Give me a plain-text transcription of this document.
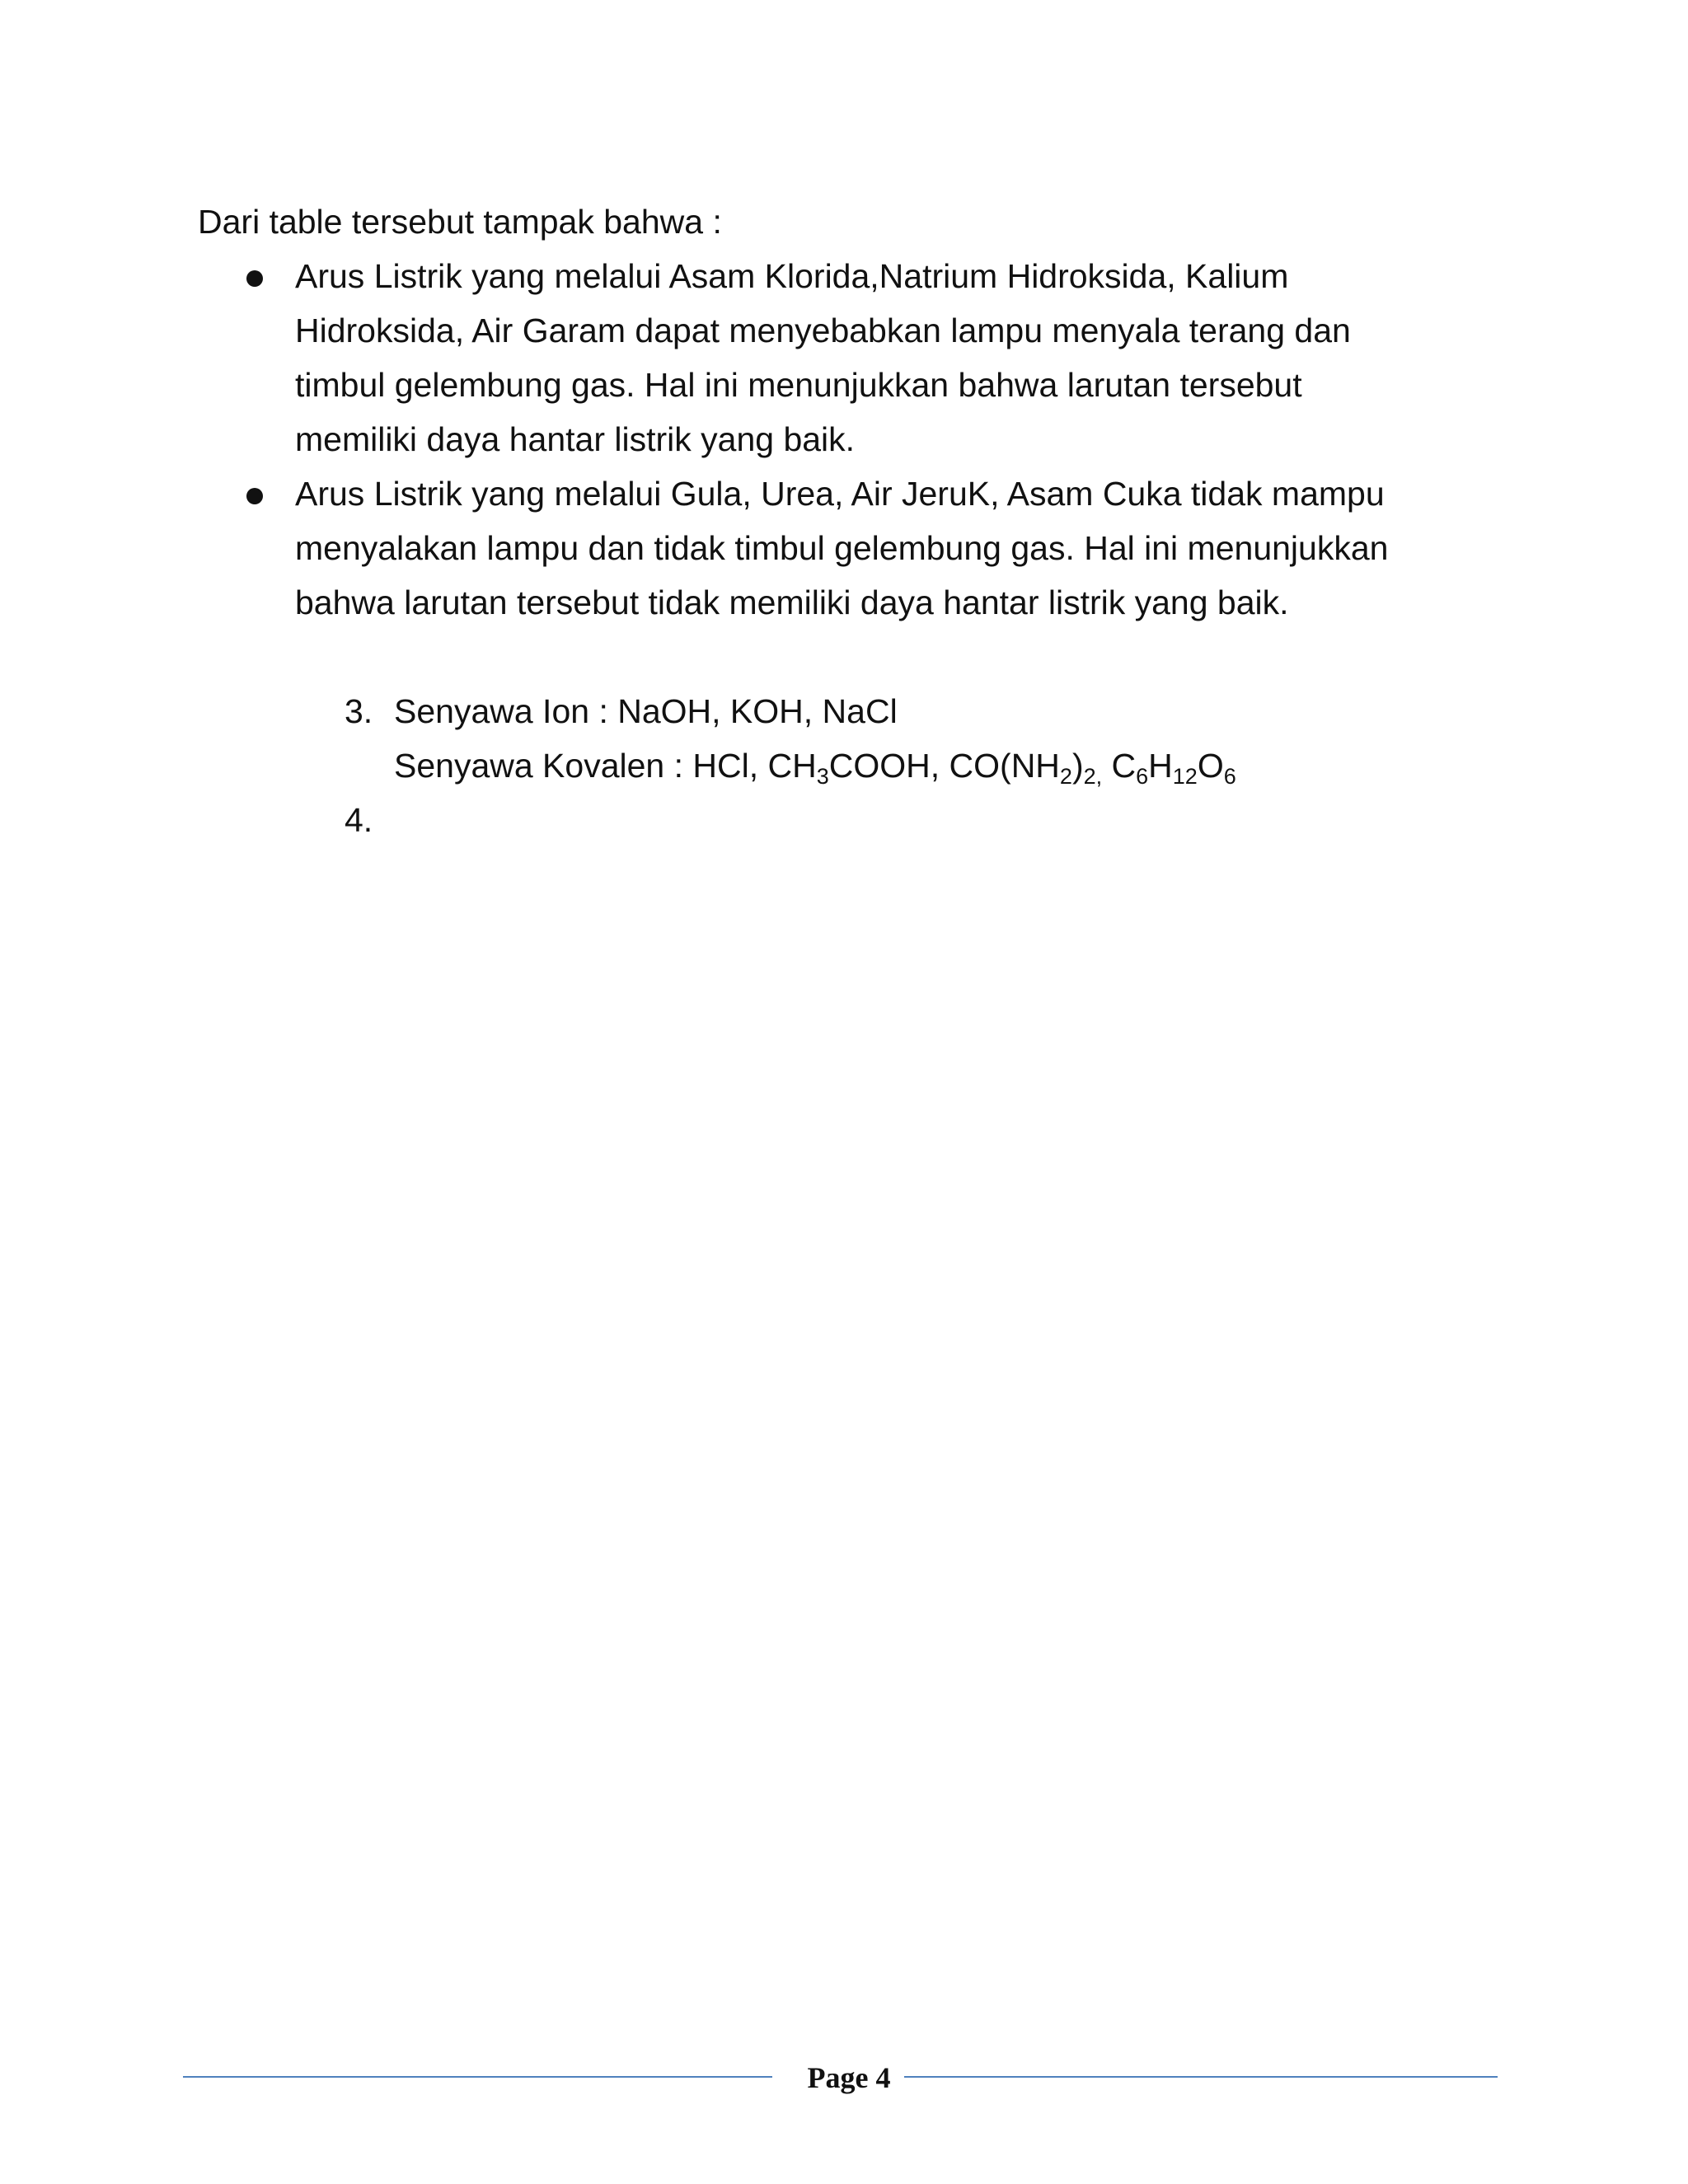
Dari table tersebut tampak bahwa :
Arus Listrik yang melalui Asam Klorida,Natrium Hidroksida, Kalium
Hidroksida, Air Garam dapat menyebabkan lampu menyala terang dan
timbul gelembung gas. Hal ini menunjukkan bahwa larutan tersebut
memiliki daya hantar listrik yang baik.
Arus Listrik yang melalui Gula, Urea, Air JeruK, Asam Cuka tidak mampu
menyalakan lampu dan tidak timbul gelembung gas. Hal ini menunjukkan
bahwa larutan tersebut tidak memiliki daya hantar listrik yang baik.
3. Senyawa Ion : NaOH, KOH, NaCl
Senyawa Kovalen : HCl, $CH_3COOH$, $CO(NH_2)_{2,}$ $C_6H_{12}O_6$
4.
Page 4
